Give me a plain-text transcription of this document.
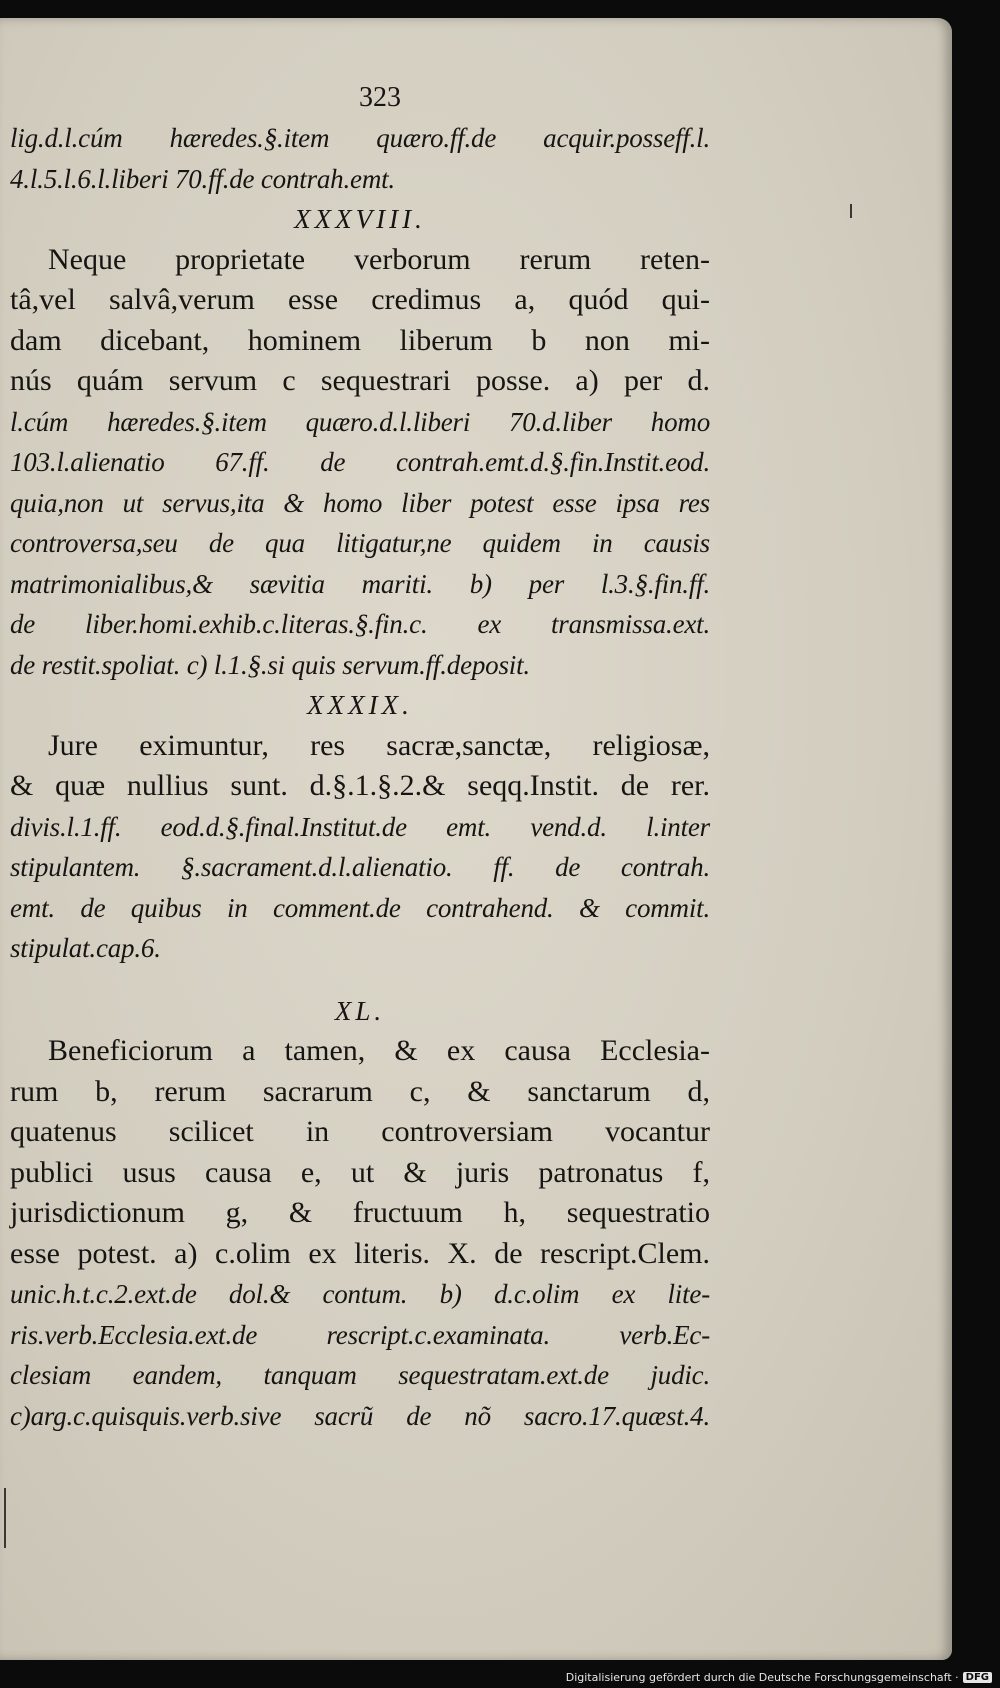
323
lig.d.l.cúm hæredes.§.item quæro.ff.de acquir.posseff.l.
4.l.5.l.6.l.liberi 70.ff.de contrah.emt.
XXXVIII.
Neque proprietate verborum rerum reten-
tâ,vel salvâ,verum esse credimus a, quód qui-
dam dicebant, hominem liberum b non mi-
nús quám servum c sequestrari posse. a) per d.
l.cúm hæredes.§.item quæro.d.l.liberi 70.d.liber homo
103.l.alienatio 67.ff. de contrah.emt.d.§.fin.Instit.eod.
quia,non ut servus,ita & homo liber potest esse ipsa res
controversa,seu de qua litigatur,ne quidem in causis
matrimonialibus,& sævitia mariti. b) per l.3.§.fin.ff.
de liber.homi.exhib.c.literas.§.fin.c. ex transmissa.ext.
de restit.spoliat. c) l.1.§.si quis servum.ff.deposit.
XXXIX.
Jure eximuntur, res sacræ,sanctæ, religiosæ,
& quæ nullius sunt. d.§.1.§.2.& seqq.Instit. de rer.
divis.l.1.ff. eod.d.§.final.Institut.de emt. vend.d. l.inter
stipulantem. §.sacrament.d.l.alienatio. ff. de contrah.
emt. de quibus in comment.de contrahend. & commit.
stipulat.cap.6.
XL.
Beneficiorum a tamen, & ex causa Ecclesia-
rum b, rerum sacrarum c, & sanctarum d,
quatenus scilicet in controversiam vocantur
publici usus causa e, ut & juris patronatus f,
jurisdictionum g, & fructuum h, sequestratio
esse potest. a) c.olim ex literis. X. de rescript.Clem.
unic.h.t.c.2.ext.de dol.& contum. b) d.c.olim ex lite-
ris.verb.Ecclesia.ext.de rescript.c.examinata. verb.Ec-
clesiam eandem, tanquam sequestratam.ext.de judic.
c)arg.c.quisquis.verb.sive sacrũ de nõ sacro.17.quæst.4.
Digitalisierung gefördert durch die Deutsche Forschungsgemeinschaft · DFG
